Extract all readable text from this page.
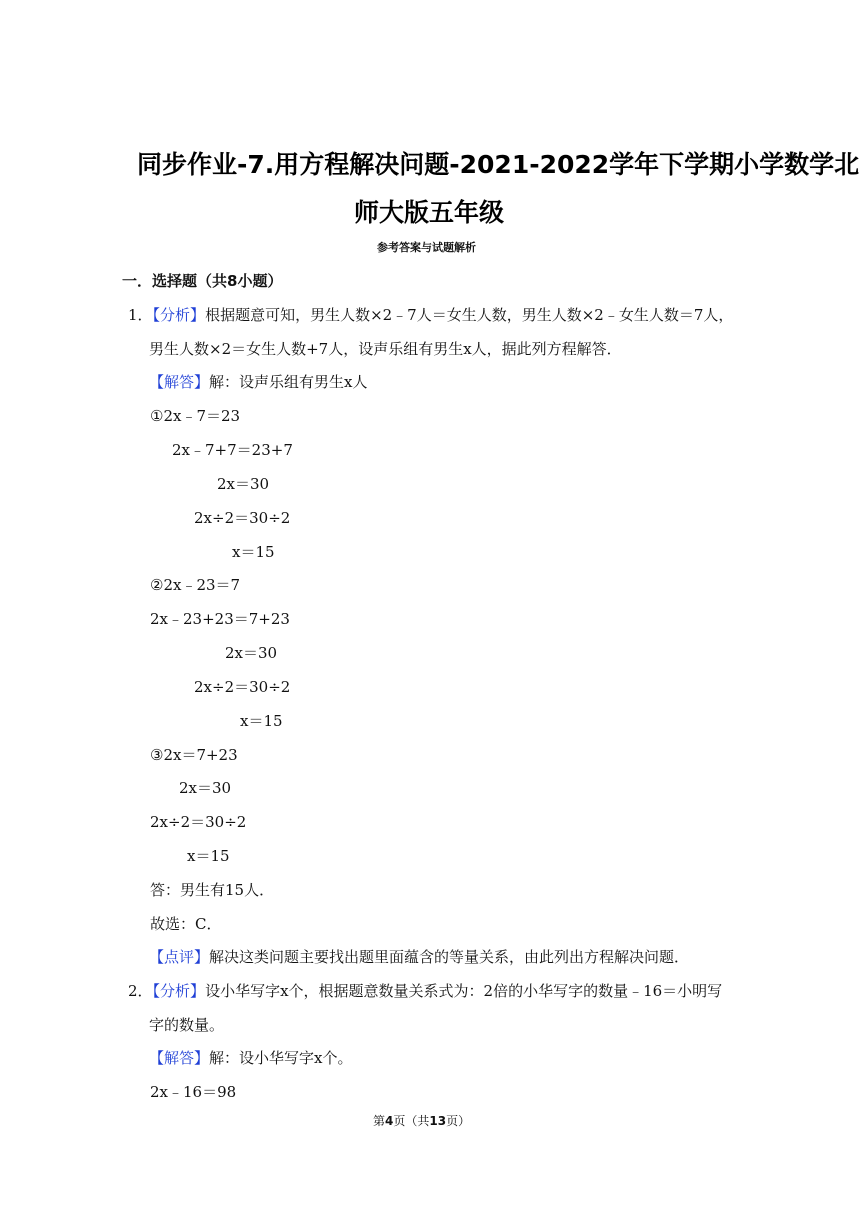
同步作业-7.用方程解决问题-2021-2022学年下学期小学数学北
师大版五年级
参考答案与试题解析
一．选择题（共8小题）
1．【分析】根据题意可知，男生人数×2﹣7人＝女生人数，男生人数×2﹣女生人数＝7人，
男生人数×2＝女生人数+7人，设声乐组有男生x人，据此列方程解答．
【解答】解：设声乐组有男生x人
①2x﹣7＝23
2x﹣7+7＝23+7
2x＝30
2x÷2＝30÷2
x＝15
②2x﹣23＝7
2x﹣23+23＝7+23
2x＝30
2x÷2＝30÷2
x＝15
③2x＝7+23
2x＝30
2x÷2＝30÷2
x＝15
答：男生有15人．
故选：C．
【点评】解决这类问题主要找出题里面蕴含的等量关系，由此列出方程解决问题．
2．【分析】设小华写字x个，根据题意数量关系式为：2倍的小华写字的数量﹣16＝小明写
字的数量。
【解答】解：设小华写字x个。
2x﹣16＝98
第4页（共13页）
